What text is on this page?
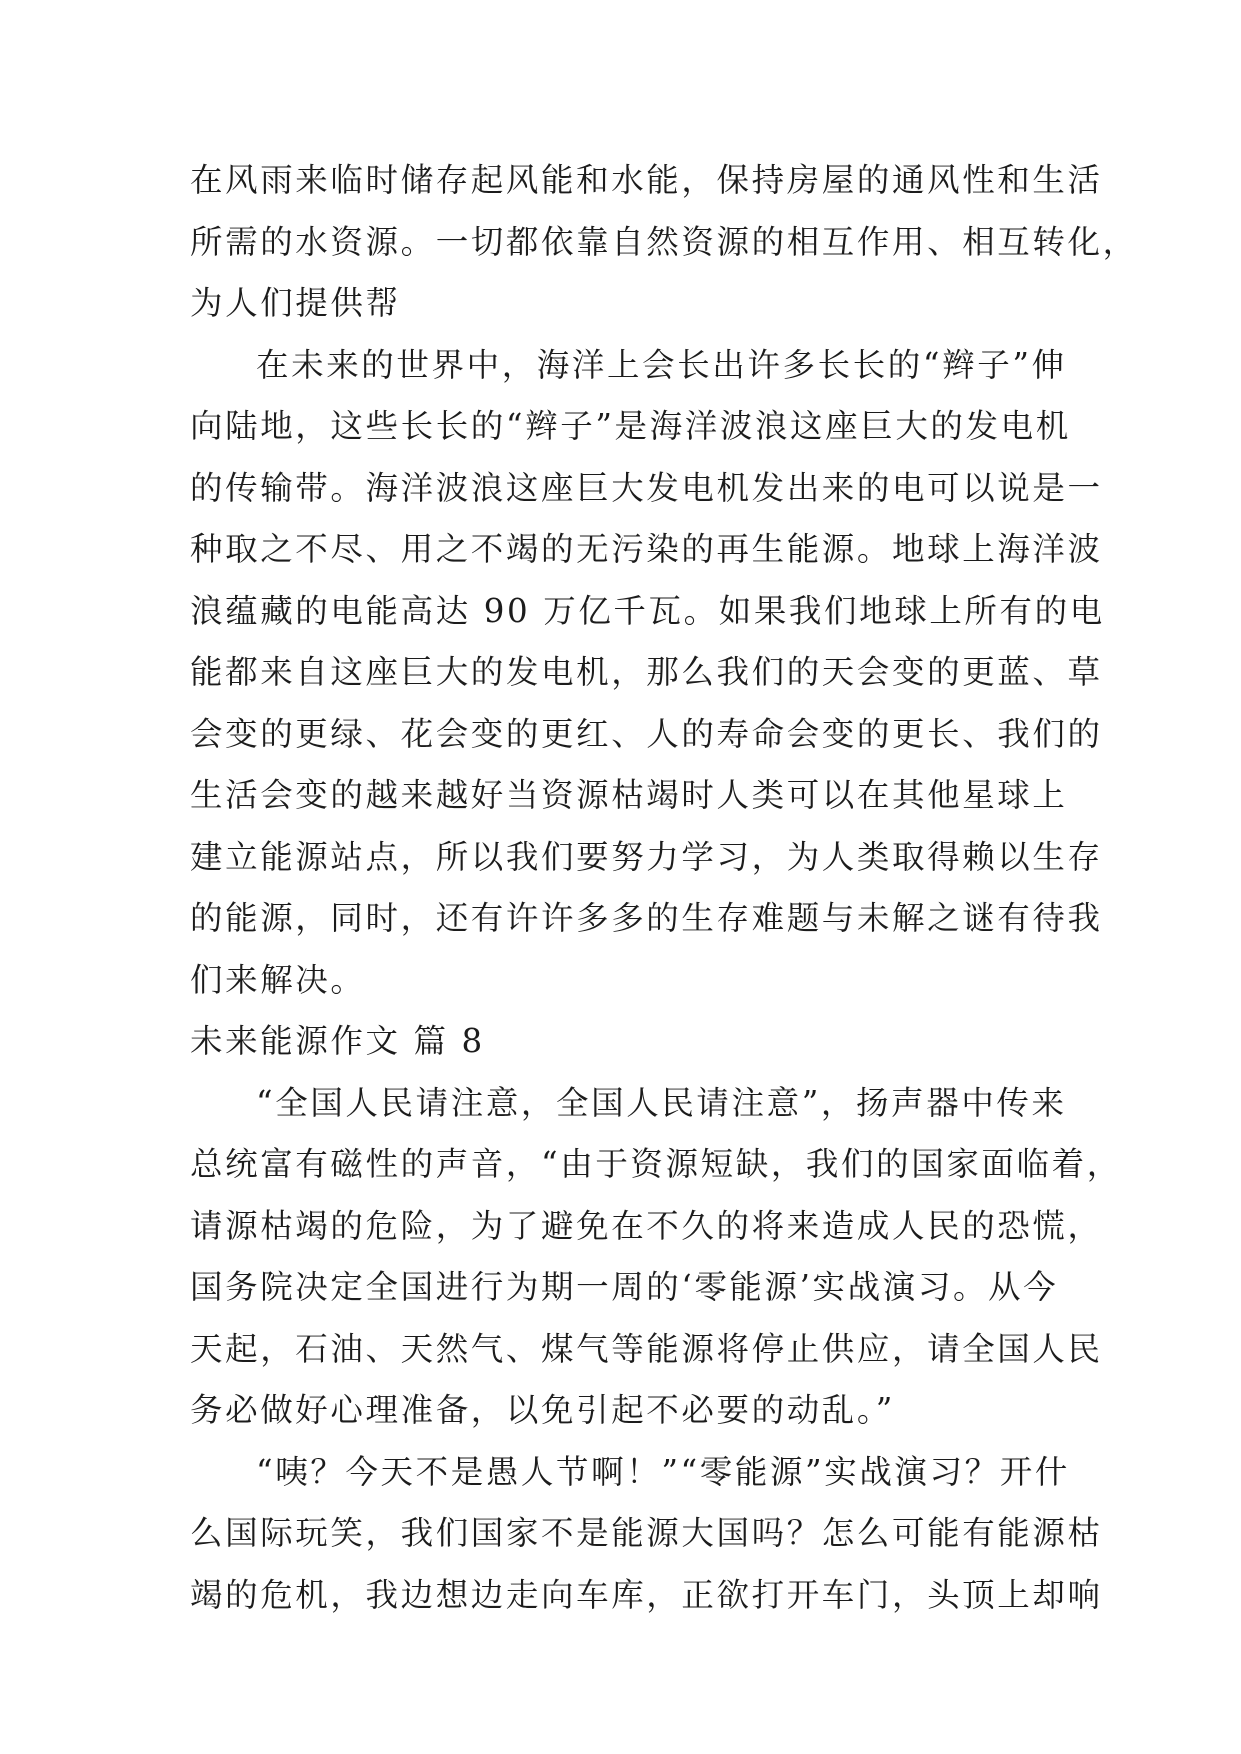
在风雨来临时储存起风能和水能，保持房屋的通风性和生活
所需的水资源。一切都依靠自然资源的相互作用、相互转化，
为人们提供帮
在未来的世界中，海洋上会长出许多长长的“辫子”伸
向陆地，这些长长的“辫子”是海洋波浪这座巨大的发电机
的传输带。海洋波浪这座巨大发电机发出来的电可以说是一
种取之不尽、用之不竭的无污染的再生能源。地球上海洋波
浪蕴藏的电能高达 90 万亿千瓦。如果我们地球上所有的电
能都来自这座巨大的发电机，那么我们的天会变的更蓝、草
会变的更绿、花会变的更红、人的寿命会变的更长、我们的
生活会变的越来越好当资源枯竭时人类可以在其他星球上
建立能源站点，所以我们要努力学习，为人类取得赖以生存
的能源，同时，还有许许多多的生存难题与未解之谜有待我
们来解决。
未来能源作文 篇 8
“全国人民请注意，全国人民请注意”，扬声器中传来
总统富有磁性的声音，“由于资源短缺，我们的国家面临着，
请源枯竭的危险，为了避免在不久的将来造成人民的恐慌，
国务院决定全国进行为期一周的‘零能源’实战演习。从今
天起，石油、天然气、煤气等能源将停止供应，请全国人民
务必做好心理准备，以免引起不必要的动乱。”
“咦？今天不是愚人节啊！”“零能源”实战演习？开什
么国际玩笑，我们国家不是能源大国吗？怎么可能有能源枯
竭的危机，我边想边走向车库，正欲打开车门，头顶上却响
